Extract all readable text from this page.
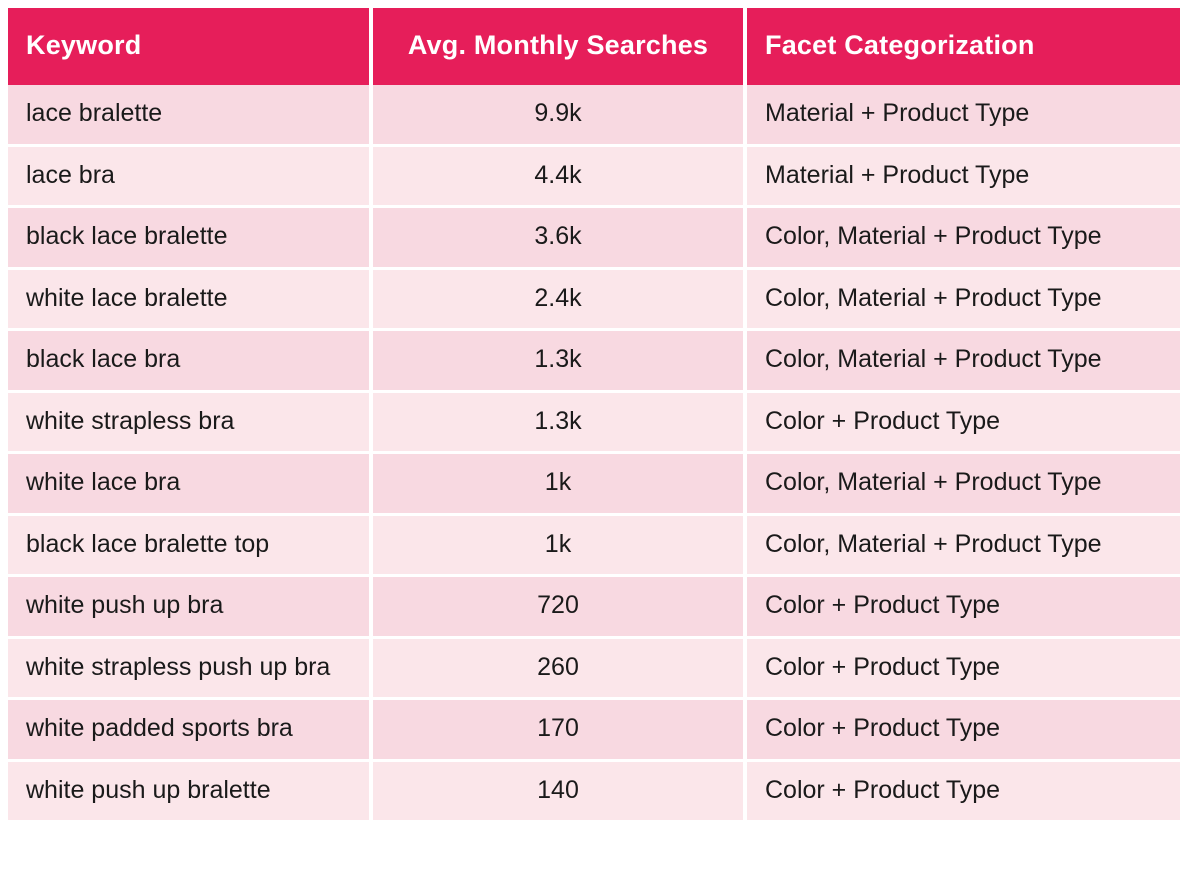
Keyword	Avg. Monthly Searches	Facet Categorization
lace bralette	9.9k	Material + Product Type
lace bra	4.4k	Material + Product Type
black lace bralette	3.6k	Color, Material + Product Type
white lace bralette	2.4k	Color, Material + Product Type
black lace bra	1.3k	Color, Material + Product Type
white strapless bra	1.3k	Color + Product Type
white lace bra	1k	Color, Material + Product Type
black lace bralette top	1k	Color, Material + Product Type
white push up bra	720	Color + Product Type
white strapless push up bra	260	Color + Product Type
white padded sports bra	170	Color + Product Type
white push up bralette	140	Color + Product Type
